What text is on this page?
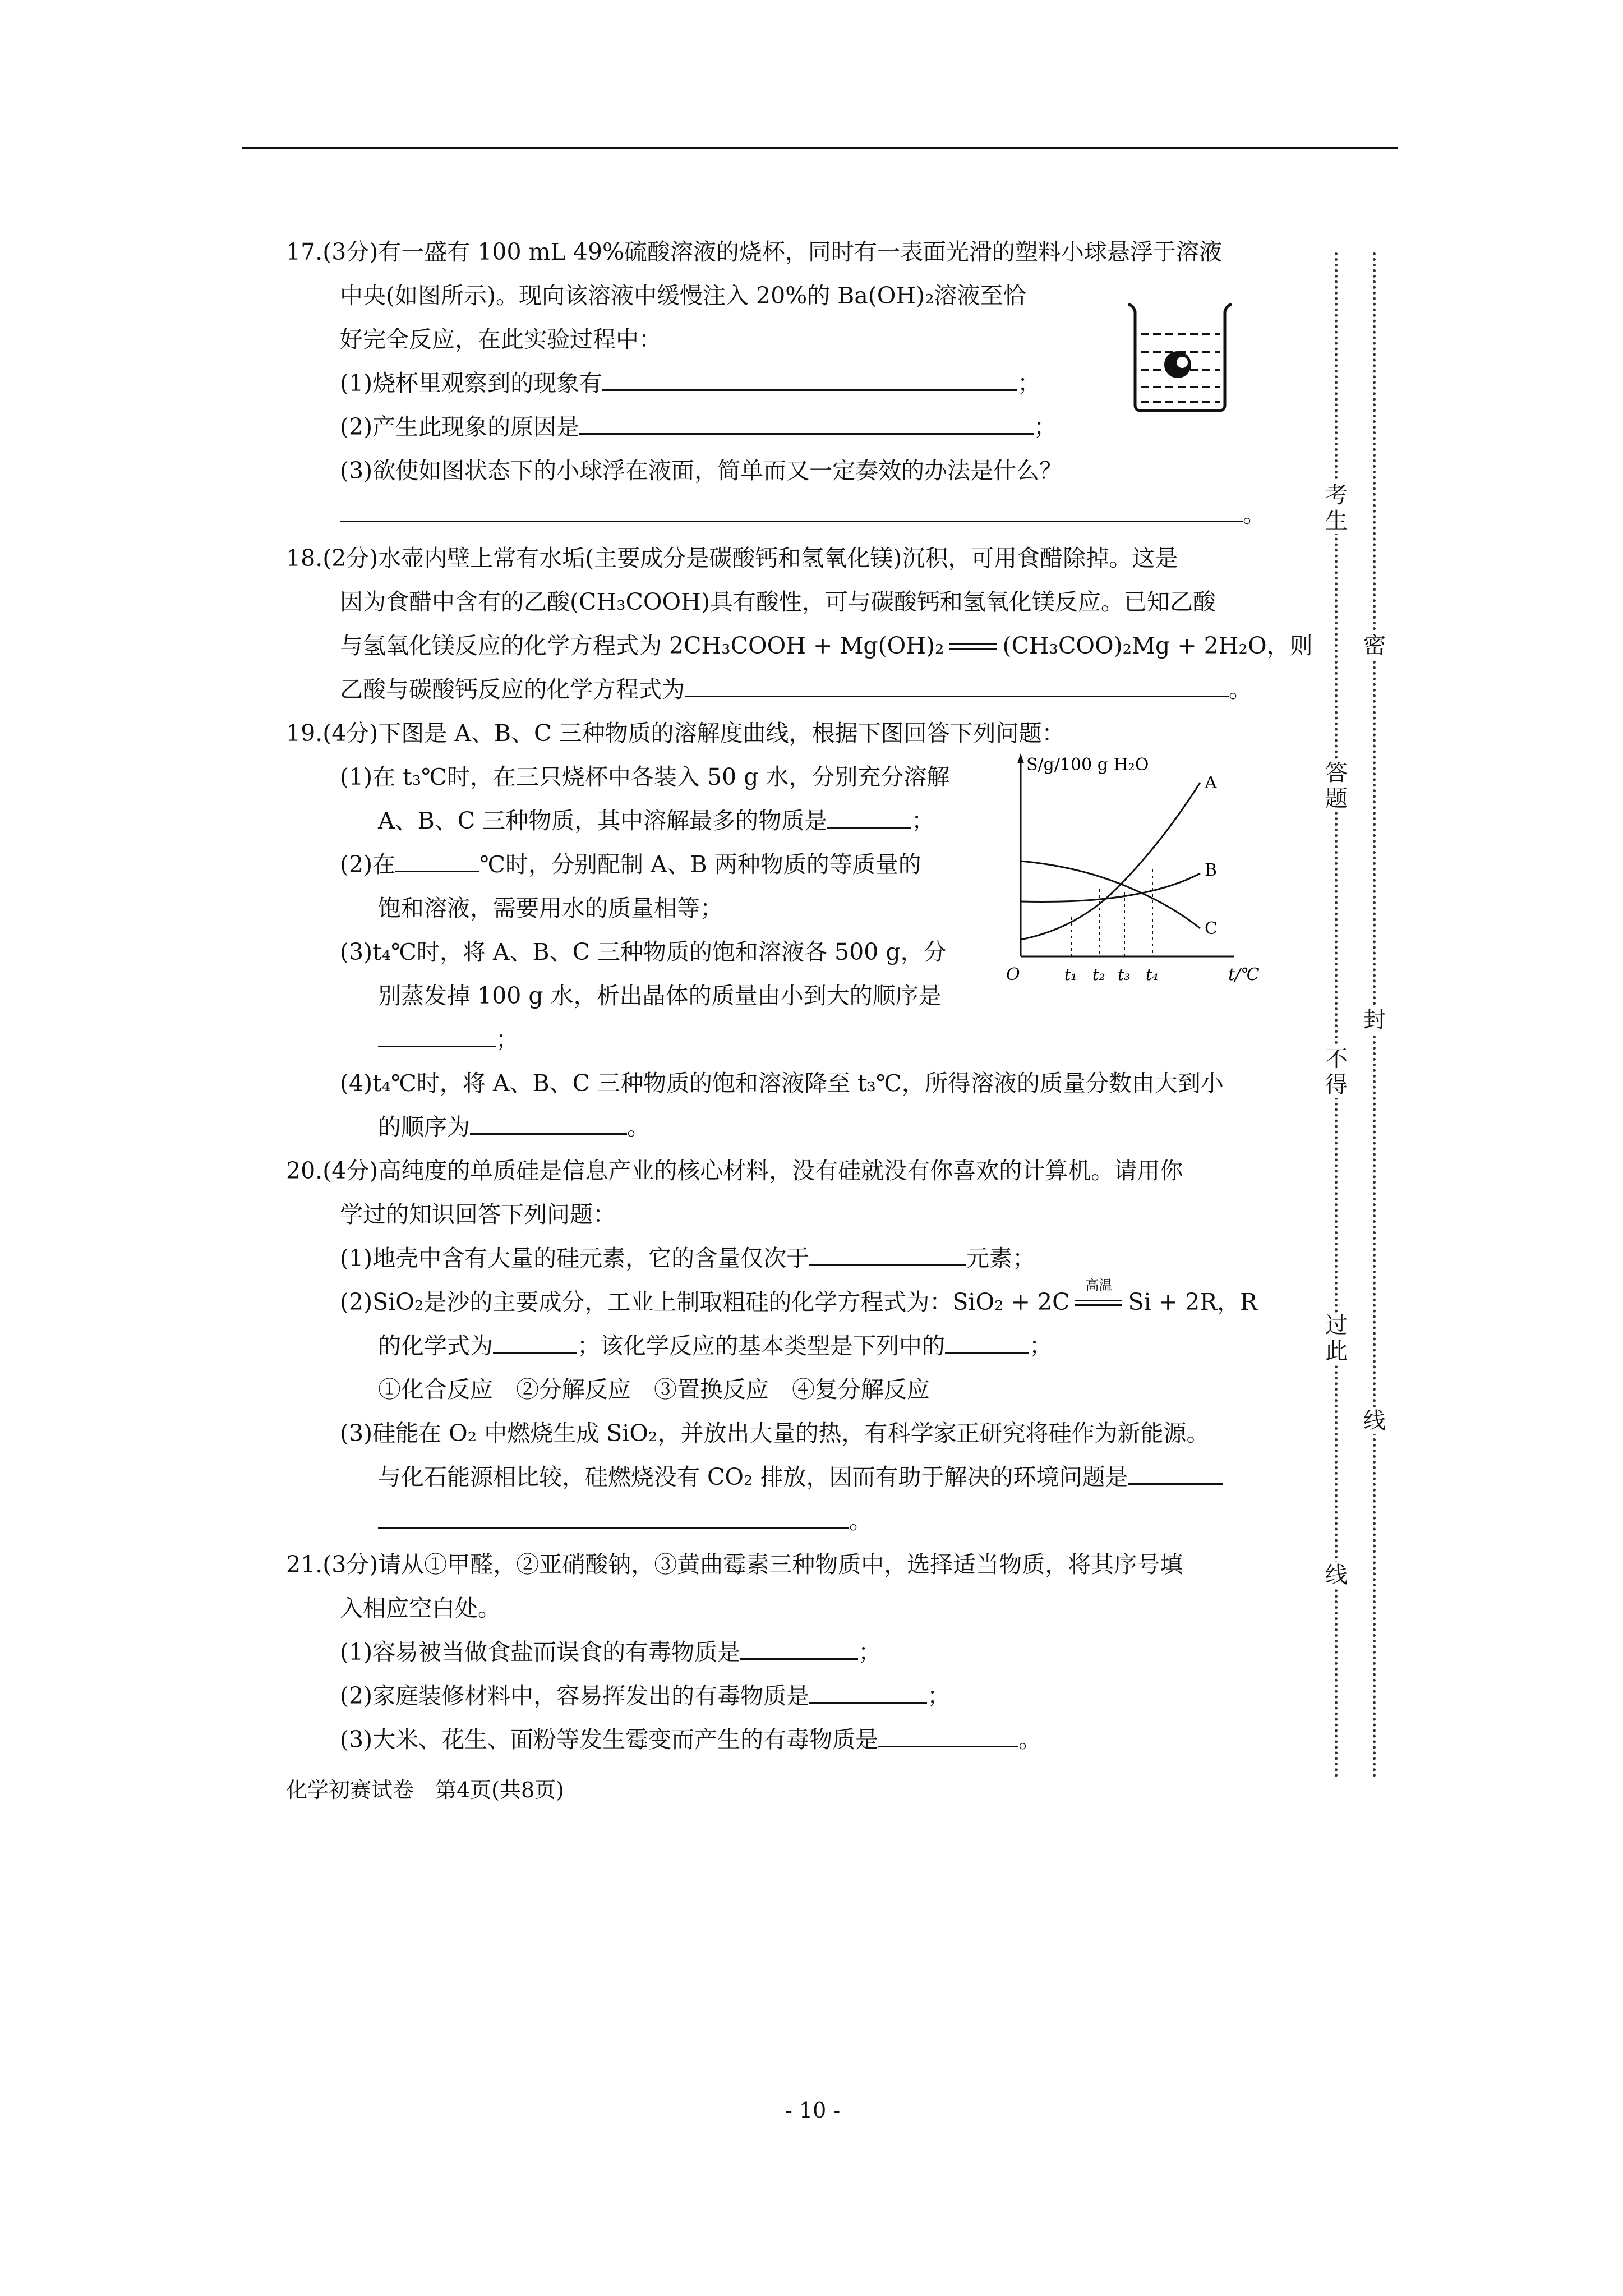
考生
密
答题
封
不得
过此
线
线
S/g/100 g H₂O
t/℃
O	t₁ t₂ t₃ t₄
A
B
C
17.(3分)有一盛有 100 mL 49%硫酸溶液的烧杯，同时有一表面光滑的塑料小球悬浮于溶液
中央(如图所示)。现向该溶液中缓慢注入 20%的 Ba(OH)₂溶液至恰
好完全反应，在此实验过程中：
(1)烧杯里观察到的现象有	；
(2)产生此现象的原因是	；
(3)欲使如图状态下的小球浮在液面，简单而又一定奏效的办法是什么？
。
18.(2分)水壶内壁上常有水垢(主要成分是碳酸钙和氢氧化镁)沉积，可用食醋除掉。这是
因为食醋中含有的乙酸(CH₃COOH)具有酸性，可与碳酸钙和氢氧化镁反应。已知乙酸
与氢氧化镁反应的化学方程式为 2CH₃COOH + Mg(OH)₂	(CH₃COO)₂Mg + 2H₂O，则
乙酸与碳酸钙反应的化学方程式为	。
19.(4分)下图是 A、B、C 三种物质的溶解度曲线，根据下图回答下列问题：
(1)在 t₃℃时，在三只烧杯中各装入 50 g 水，分别充分溶解
A、B、C 三种物质，其中溶解最多的物质是	；
(2)在	℃时，分别配制 A、B 两种物质的等质量的
饱和溶液，需要用水的质量相等；
(3)t₄℃时，将 A、B、C 三种物质的饱和溶液各 500 g，分
别蒸发掉 100 g 水，析出晶体的质量由小到大的顺序是
；
(4)t₄℃时，将 A、B、C 三种物质的饱和溶液降至 t₃℃，所得溶液的质量分数由大到小
的顺序为	。
20.(4分)高纯度的单质硅是信息产业的核心材料，没有硅就没有你喜欢的计算机。请用你
学过的知识回答下列问题：
(1)地壳中含有大量的硅元素，它的含量仅次于	元素；
(2)SiO₂是沙的主要成分，工业上制取粗硅的化学方程式为：SiO₂ + 2C
高温
Si + 2R，R
的化学式为	；该化学反应的基本类型是下列中的	；
①化合反应　②分解反应　③置换反应　④复分解反应
(3)硅能在 O₂ 中燃烧生成 SiO₂，并放出大量的热，有科学家正研究将硅作为新能源。
与化石能源相比较，硅燃烧没有 CO₂ 排放，因而有助于解决的环境问题是
。
21.(3分)请从①甲醛，②亚硝酸钠，③黄曲霉素三种物质中，选择适当物质，将其序号填
入相应空白处。
(1)容易被当做食盐而误食的有毒物质是	；
(2)家庭装修材料中，容易挥发出的有毒物质是	；
(3)大米、花生、面粉等发生霉变而产生的有毒物质是	。
化学初赛试卷　第4页(共8页)
- 10 -
